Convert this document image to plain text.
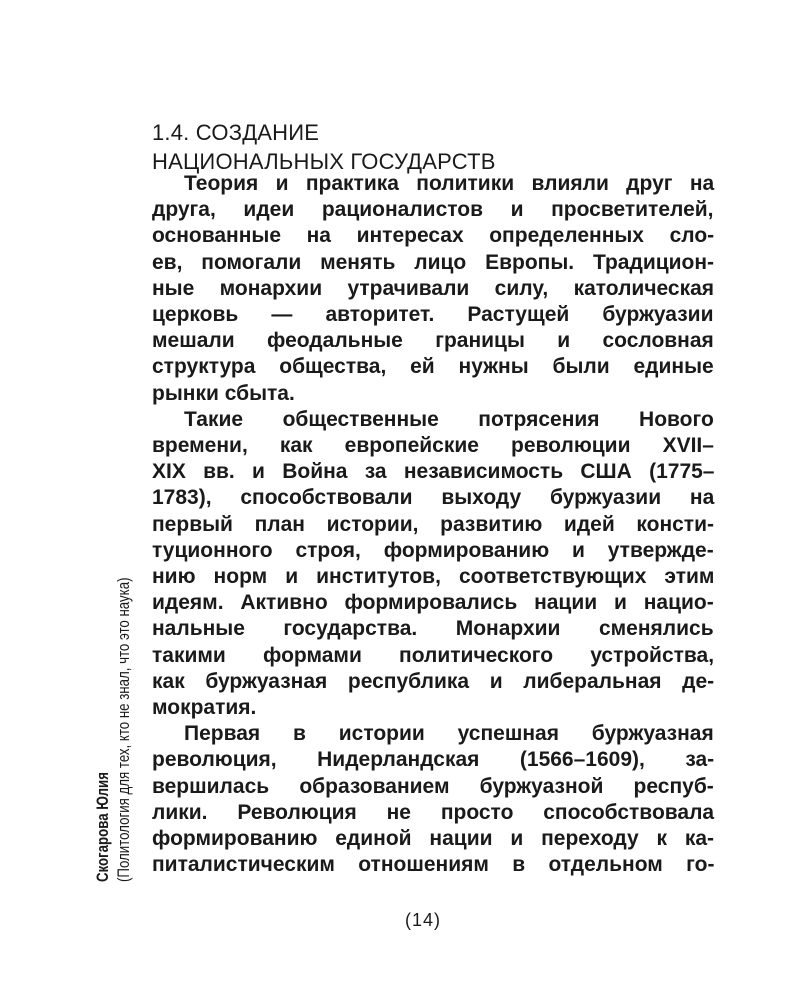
Скогарова Юлия (Политология для тех, кто не знал, что это наука)
1.4. СОЗДАНИЕ
НАЦИОНАЛЬНЫХ ГОСУДАРСТВ
Теория и практика политики влияли друг на
друга, идеи рационалистов и просветителей,
основанные на интересах определенных сло-
ев, помогали менять лицо Европы. Традицион-
ные монархии утрачивали силу, католическая
церковь — авторитет. Растущей буржуазии
мешали феодальные границы и сословная
структура общества, ей нужны были единые
рынки сбыта.
Такие общественные потрясения Нового
времени, как европейские революции XVII–
XIX вв. и Война за независимость США (1775–
1783), способствовали выходу буржуазии на
первый план истории, развитию идей консти-
туционного строя, формированию и утвержде-
нию норм и институтов, соответствующих этим
идеям. Активно формировались нации и нацио-
нальные государства. Монархии сменялись
такими формами политического устройства,
как буржуазная республика и либеральная де-
мократия.
Первая в истории успешная буржуазная
революция, Нидерландская (1566–1609), за-
вершилась образованием буржуазной респуб-
лики. Революция не просто способствовала
формированию единой нации и переходу к ка-
питалистическим отношениям в отдельном го-
(14)
